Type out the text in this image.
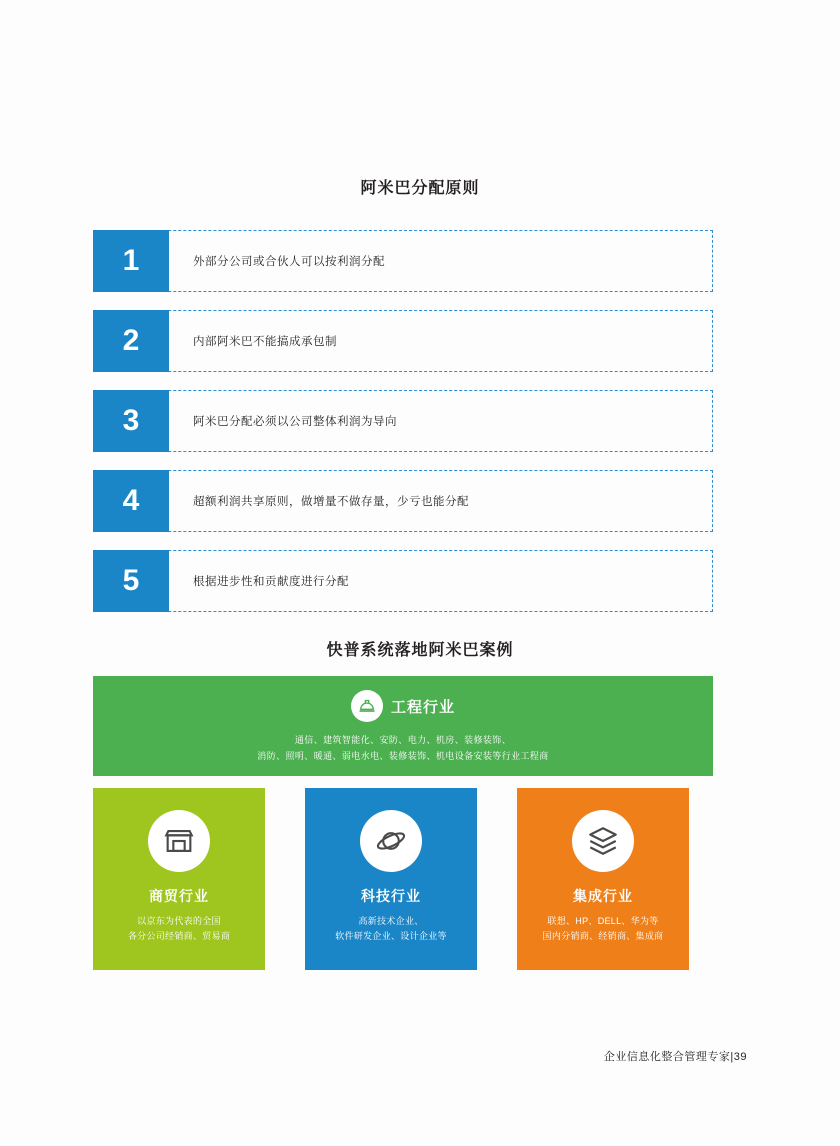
阿米巴分配原则
1	外部分公司或合伙人可以按利润分配
2	内部阿米巴不能搞成承包制
3	阿米巴分配必须以公司整体利润为导向
4	超额利润共享原则，做增量不做存量，少亏也能分配
5	根据进步性和贡献度进行分配
快普系统落地阿米巴案例
工程行业
通信、建筑智能化、安防、电力、机房、装修装饰、
消防、照明、暖通、弱电水电、装修装饰、机电设备安装等行业工程商
商贸行业
以京东为代表的全国
各分公司经销商、贸易商
科技行业
高新技术企业、
软件研发企业、设计企业等
集成行业
联想、HP、DELL、华为等
国内分销商、经销商、集成商
企业信息化整合管理专家|39
